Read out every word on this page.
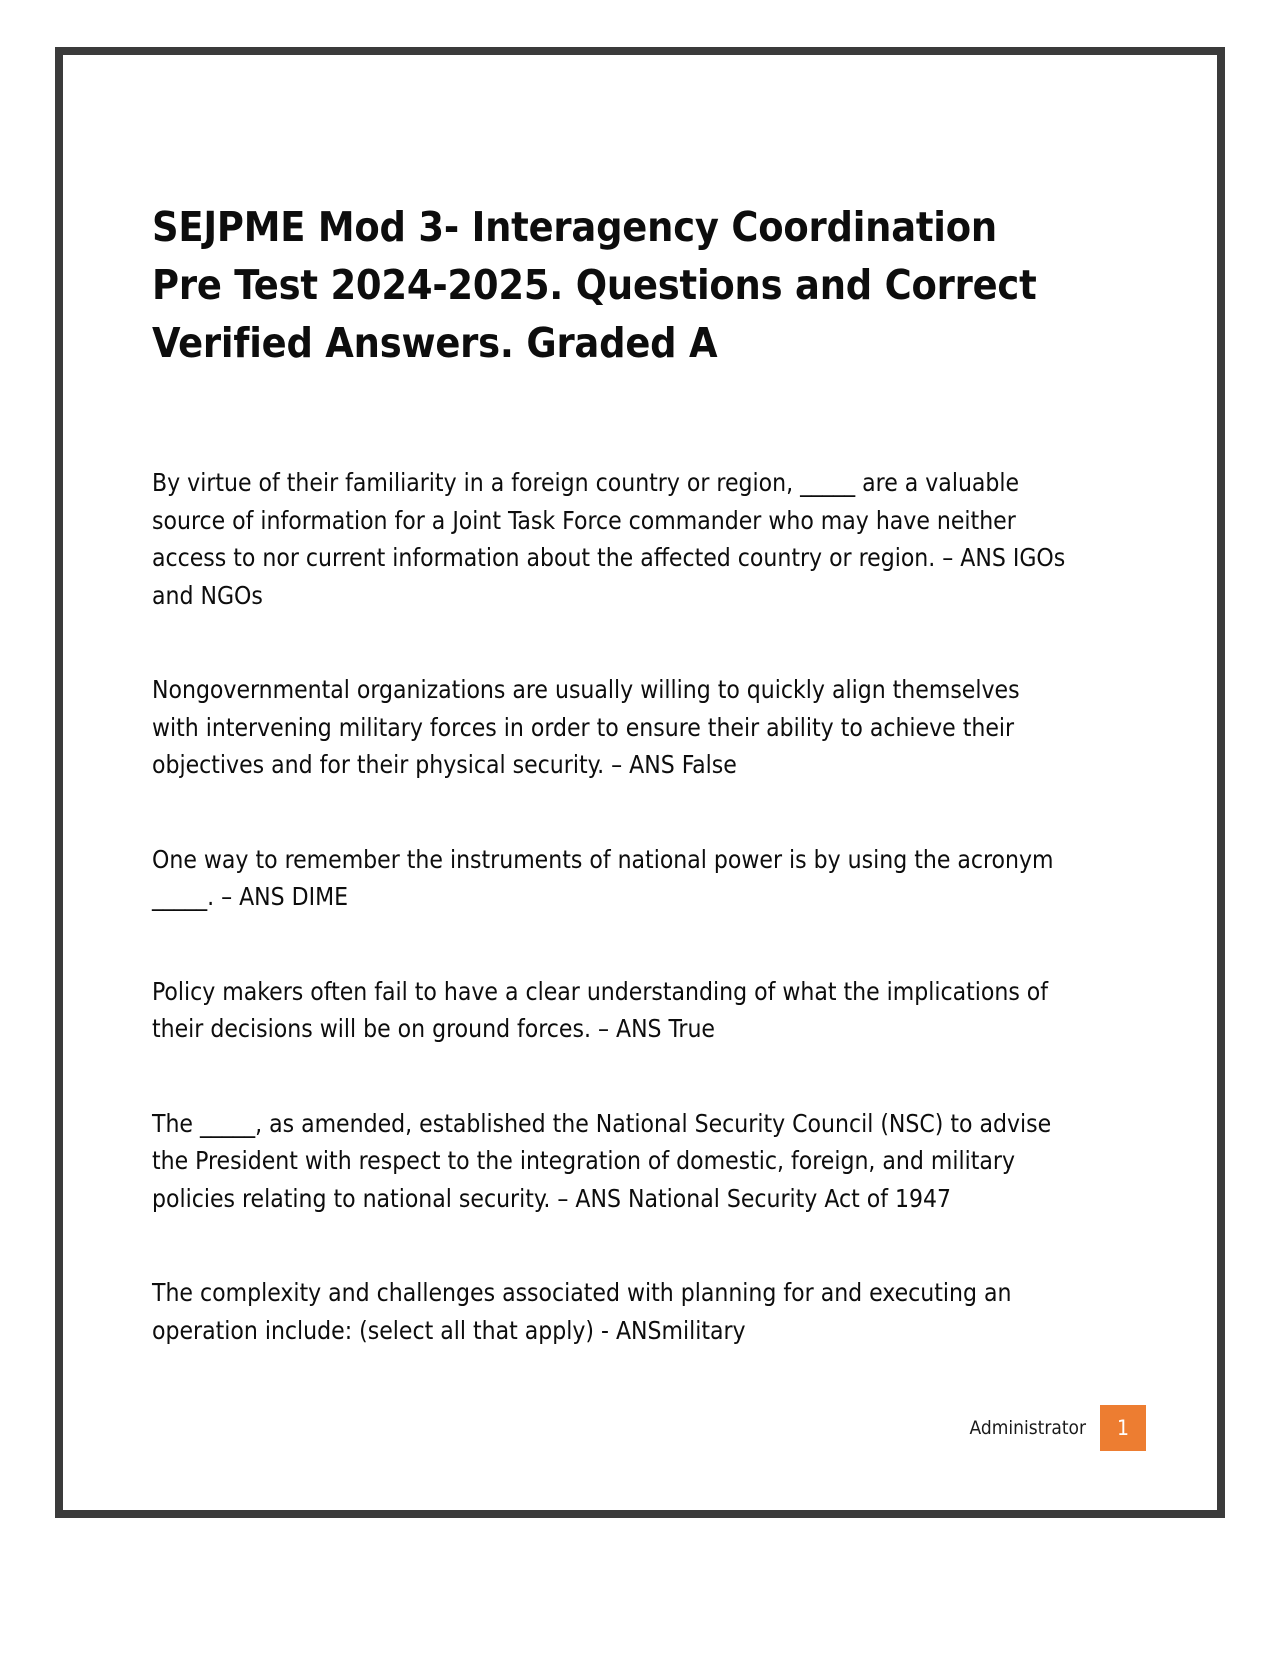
SEJPME Mod 3- Interagency Coordination Pre Test 2024-2025. Questions and Correct Verified Answers. Graded A

By virtue of their familiarity in a foreign country or region, _____ are a valuable source of information for a Joint Task Force commander who may have neither access to nor current information about the affected country or region. – ANS IGOs and NGOs

Nongovernmental organizations are usually willing to quickly align themselves with intervening military forces in order to ensure their ability to achieve their objectives and for their physical security. – ANS False

One way to remember the instruments of national power is by using the acronym _____. – ANS DIME

Policy makers often fail to have a clear understanding of what the implications of their decisions will be on ground forces. – ANS True

The _____, as amended, established the National Security Council (NSC) to advise the President with respect to the integration of domestic, foreign, and military policies relating to national security. – ANS National Security Act of 1947

The complexity and challenges associated with planning for and executing an operation include: (select all that apply) - ANSmilitary

Administrator	1
